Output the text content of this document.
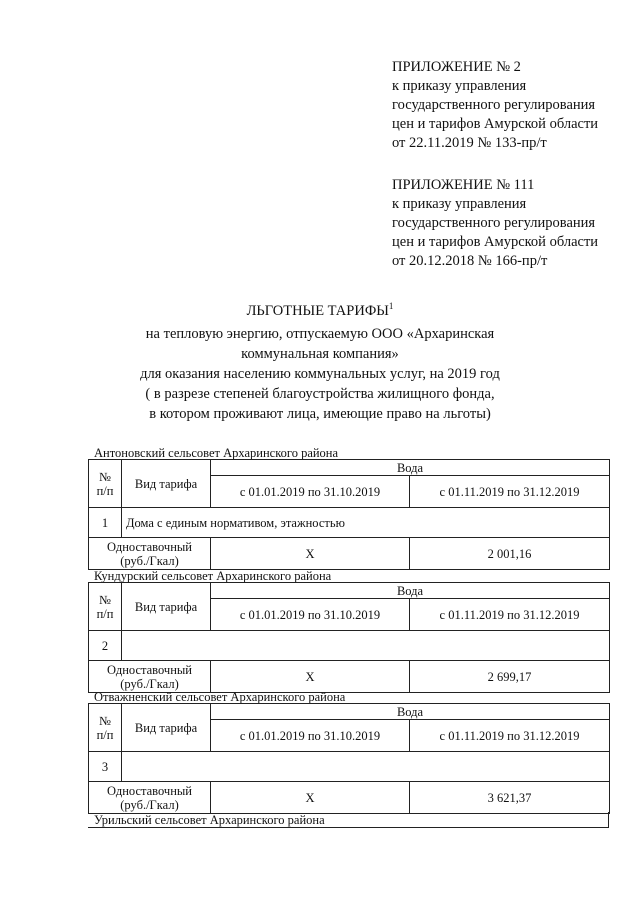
ПРИЛОЖЕНИЕ № 2
к приказу управления
государственного регулирования
цен и тарифов Амурской области
от 22.11.2019 № 133-пр/т
ПРИЛОЖЕНИЕ № 111
к приказу управления
государственного регулирования
цен и тарифов Амурской области
от 20.12.2018 № 166-пр/т
ЛЬГОТНЫЕ ТАРИФЫ$^1$
на тепловую энергию, отпускаемую ООО «Архаринская
коммунальная компания»
для оказания населению коммунальных услуг, на 2019 год
( в разрезе степеней благоустройства жилищного фонда,
в котором проживают лица, имеющие право на льготы)
Антоновский сельсовет Архаринского района
№ п/п	Вид тарифа	Вода	
		с 01.01.2019 по 31.10.2019	с 01.11.2019 по 31.12.2019
1	Дома с единым нормативом, этажностью		
Одноставочный (руб./Гкал)		Х	2 001,16
Кундурский сельсовет Архаринского района
№ п/п	Вид тарифа	Вода	
		с 01.01.2019 по 31.10.2019	с 01.11.2019 по 31.12.2019
2			
Одноставочный (руб./Гкал)		Х	2 699,17
Отважненский сельсовет Архаринского района
№ п/п	Вид тарифа	Вода	
		с 01.01.2019 по 31.10.2019	с 01.11.2019 по 31.12.2019
3			
Одноставочный (руб./Гкал)		Х	3 621,37
Урильский сельсовет Архаринского района
